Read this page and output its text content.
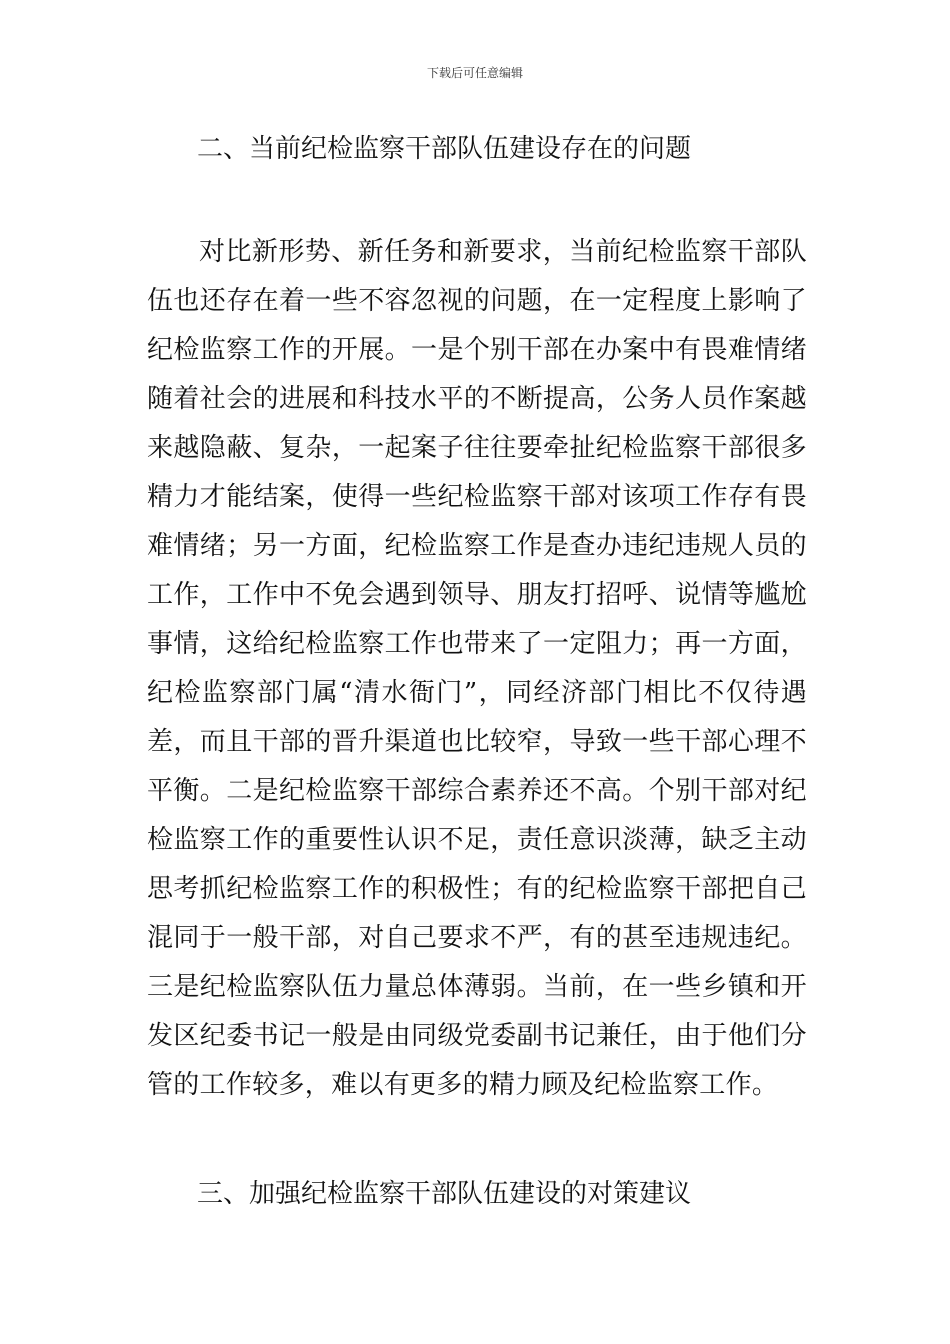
下载后可任意编辑
二、当前纪检监察干部队伍建设存在的问题

对比新形势、新任务和新要求，当前纪检监察干部队伍也还存在着一些不容忽视的问题，在一定程度上影响了纪检监察工作的开展。一是个别干部在办案中有畏难情绪随着社会的进展和科技水平的不断提高，公务人员作案越来越隐蔽、复杂，一起案子往往要牵扯纪检监察干部很多精力才能结案，使得一些纪检监察干部对该项工作存有畏难情绪；另一方面，纪检监察工作是查办违纪违规人员的工作，工作中不免会遇到领导、朋友打招呼、说情等尴尬事情，这给纪检监察工作也带来了一定阻力；再一方面，纪检监察部门属“清水衙门”，同经济部门相比不仅待遇差，而且干部的晋升渠道也比较窄，导致一些干部心理不平衡。二是纪检监察干部综合素养还不高。个别干部对纪检监察工作的重要性认识不足，责任意识淡薄，缺乏主动思考抓纪检监察工作的积极性；有的纪检监察干部把自己混同于一般干部，对自己要求不严，有的甚至违规违纪。三是纪检监察队伍力量总体薄弱。当前，在一些乡镇和开发区纪委书记一般是由同级党委副书记兼任，由于他们分管的工作较多，难以有更多的精力顾及纪检监察工作。

三、加强纪检监察干部队伍建设的对策建议
